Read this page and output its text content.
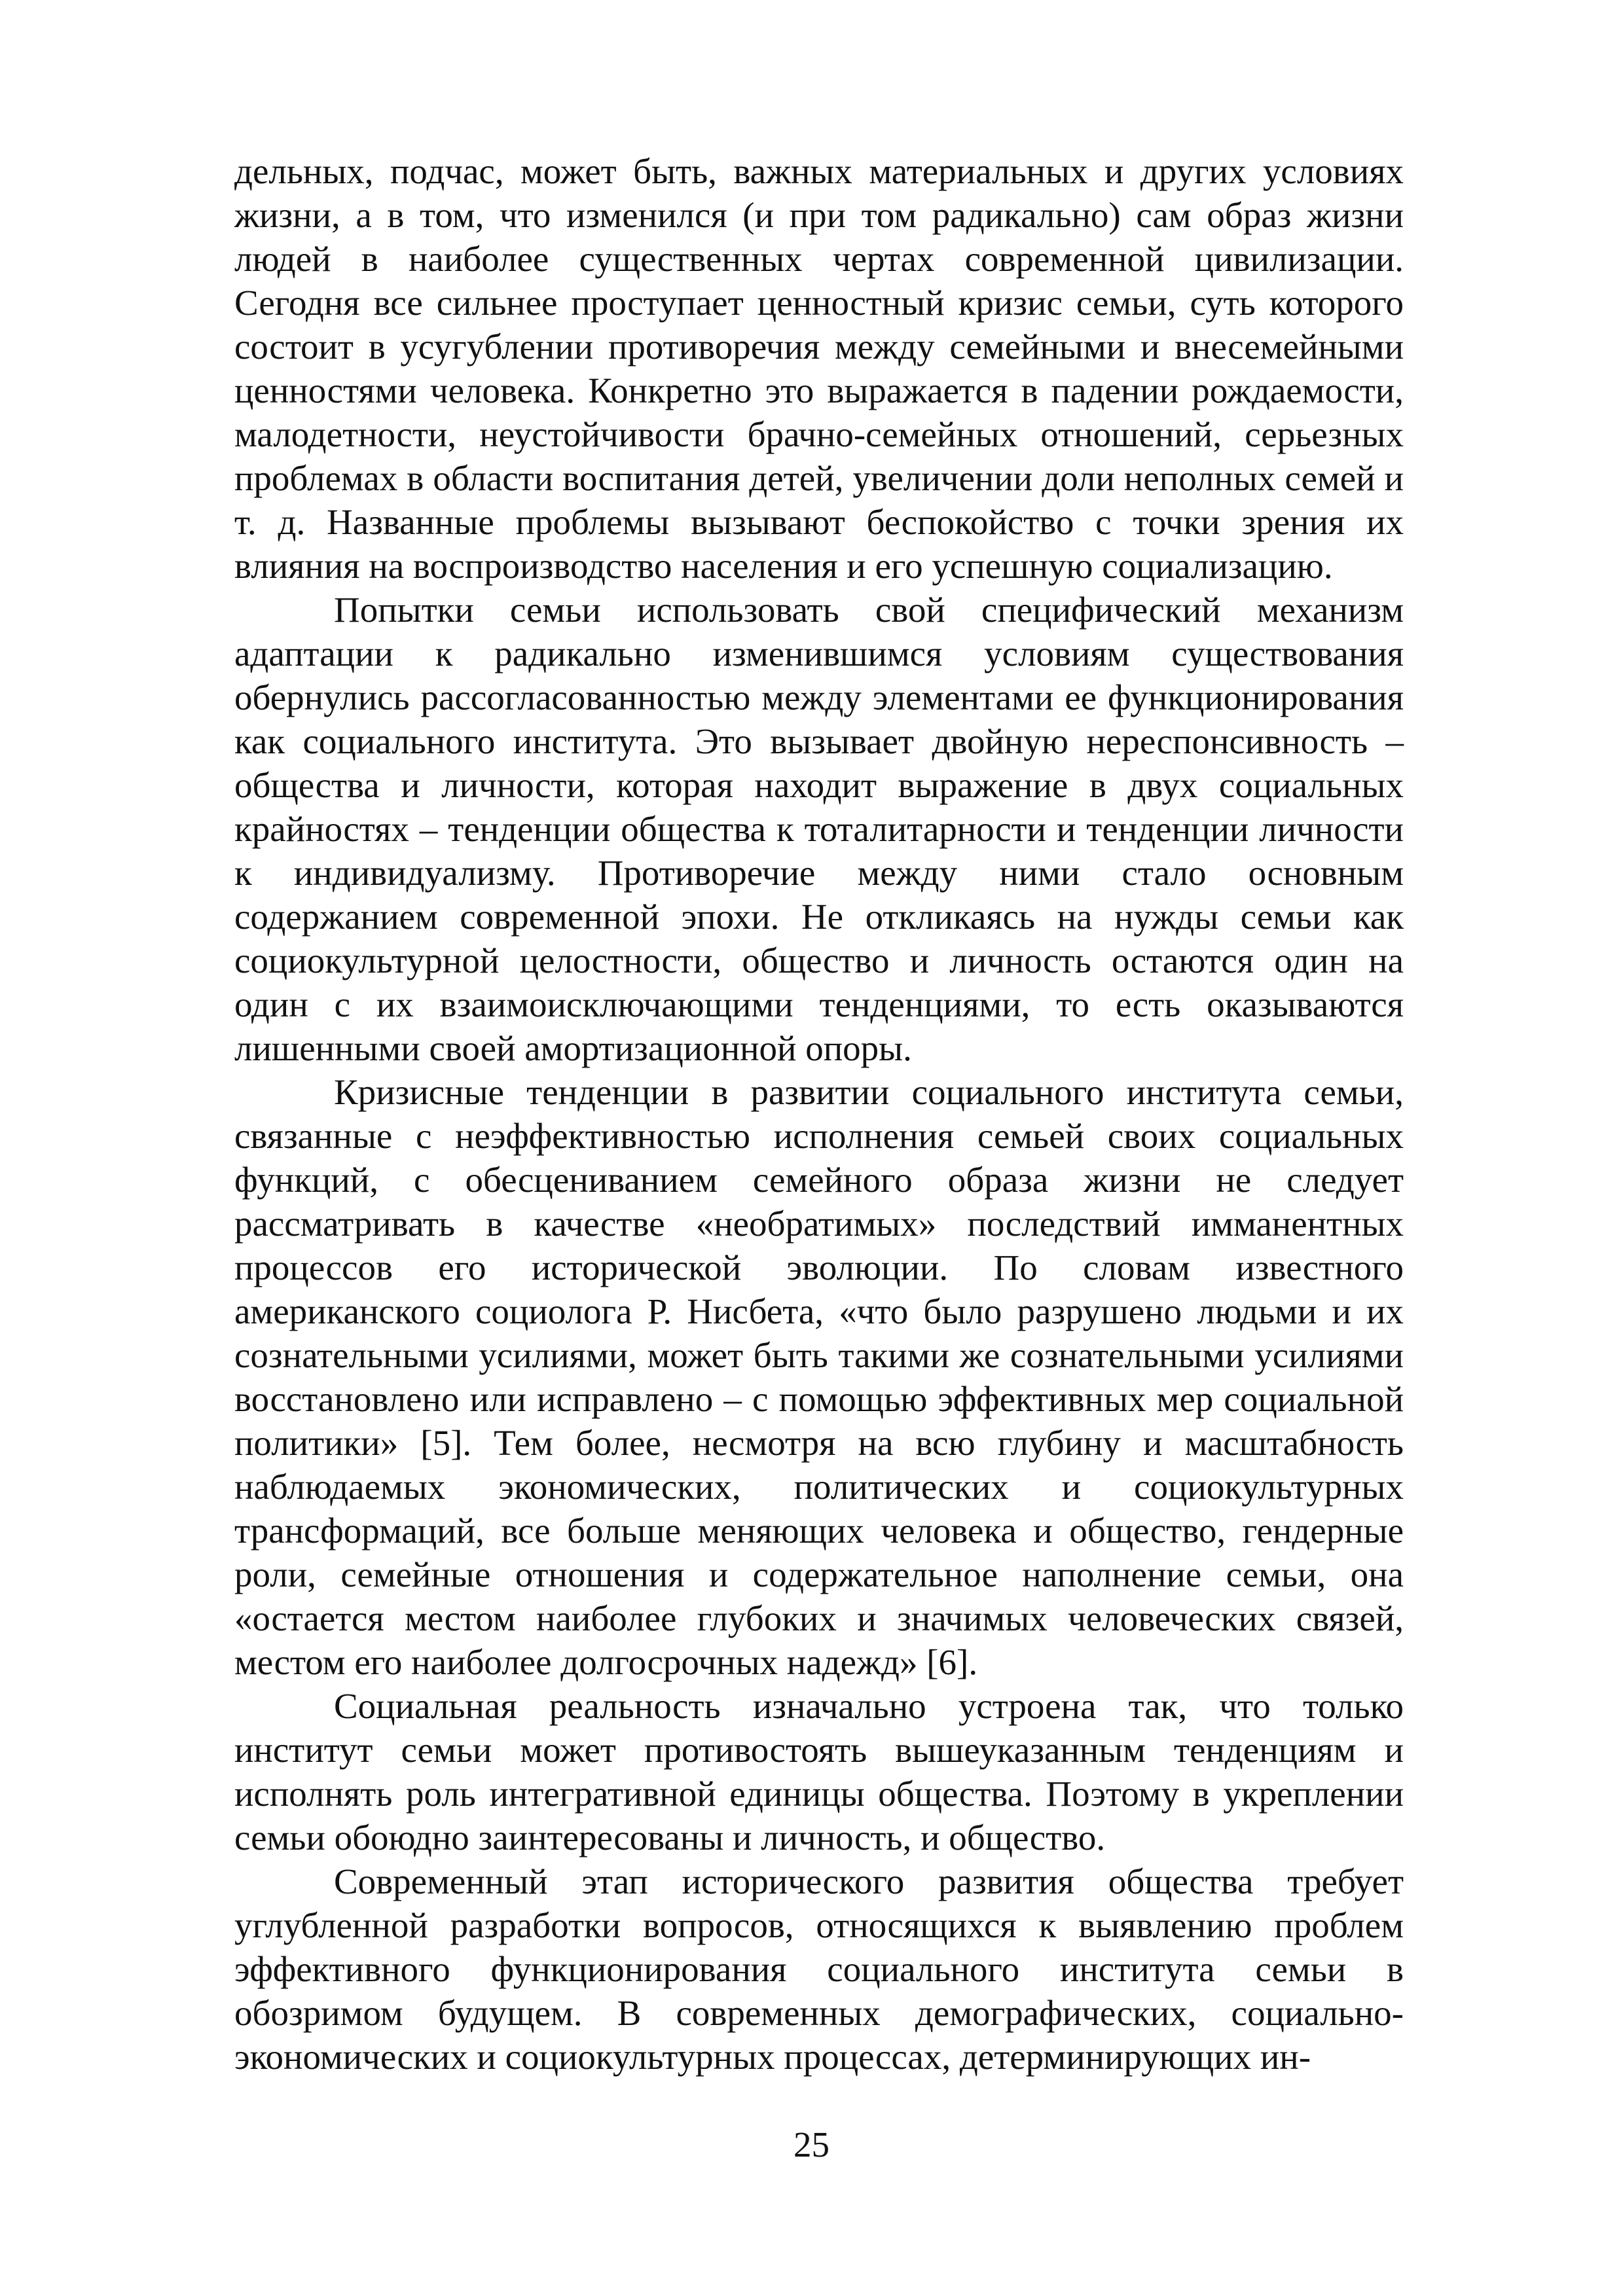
дельных, подчас, может быть, важных материальных и других условиях жизни, а в том, что изменился (и при том радикально) сам образ жизни людей в наиболее существенных чертах современной цивилизации. Сегодня все сильнее проступает ценностный кризис семьи, суть которого состоит в усугублении противоречия между семейными и внесемейными ценностями человека. Конкретно это выражается в падении рождаемости, малодетности, неустойчивости брачно-семейных отношений, серьезных проблемах в области воспитания детей, увеличении доли неполных семей и т. д. Названные проблемы вызывают беспокойство с точки зрения их влияния на воспроизводство населения и его успешную социализацию.

Попытки семьи использовать свой специфический механизм адаптации к радикально изменившимся условиям существования обернулись рассогласованностью между элементами ее функционирования как социального института. Это вызывает двойную нереспонсивность – общества и личности, которая находит выражение в двух социальных крайностях – тенденции общества к тоталитарности и тенденции личности к индивидуализму. Противоречие между ними стало основным содержанием современной эпохи. Не откликаясь на нужды семьи как социокультурной целостности, общество и личность остаются один на один с их взаимоисключающими тенденциями, то есть оказываются лишенными своей амортизационной опоры.

Кризисные тенденции в развитии социального института семьи, связанные с неэффективностью исполнения семьей своих социальных функций, с обесцениванием семейного образа жизни не следует рассматривать в качестве «необратимых» последствий имманентных процессов его исторической эволюции. По словам известного американского социолога Р. Нисбета, «что было разрушено людьми и их сознательными усилиями, может быть такими же сознательными усилиями восстановлено или исправлено – с помощью эффективных мер социальной политики» [5]. Тем более, несмотря на всю глубину и масштабность наблюдаемых экономических, политических и социокультурных трансформаций, все больше меняющих человека и общество, гендерные роли, семейные отношения и содержательное наполнение семьи, она «остается местом наиболее глубоких и значимых человеческих связей, местом его наиболее долгосрочных надежд» [6].

Социальная реальность изначально устроена так, что только институт семьи может противостоять вышеуказанным тенденциям и исполнять роль интегративной единицы общества. Поэтому в укреплении семьи обоюдно заинтересованы и личность, и общество.

Современный этап исторического развития общества требует углубленной разработки вопросов, относящихся к выявлению проблем эффективного функционирования социального института семьи в обозримом будущем. В современных демографических, социально-экономических и социокультурных процессах, детерминирующих ин-

25
